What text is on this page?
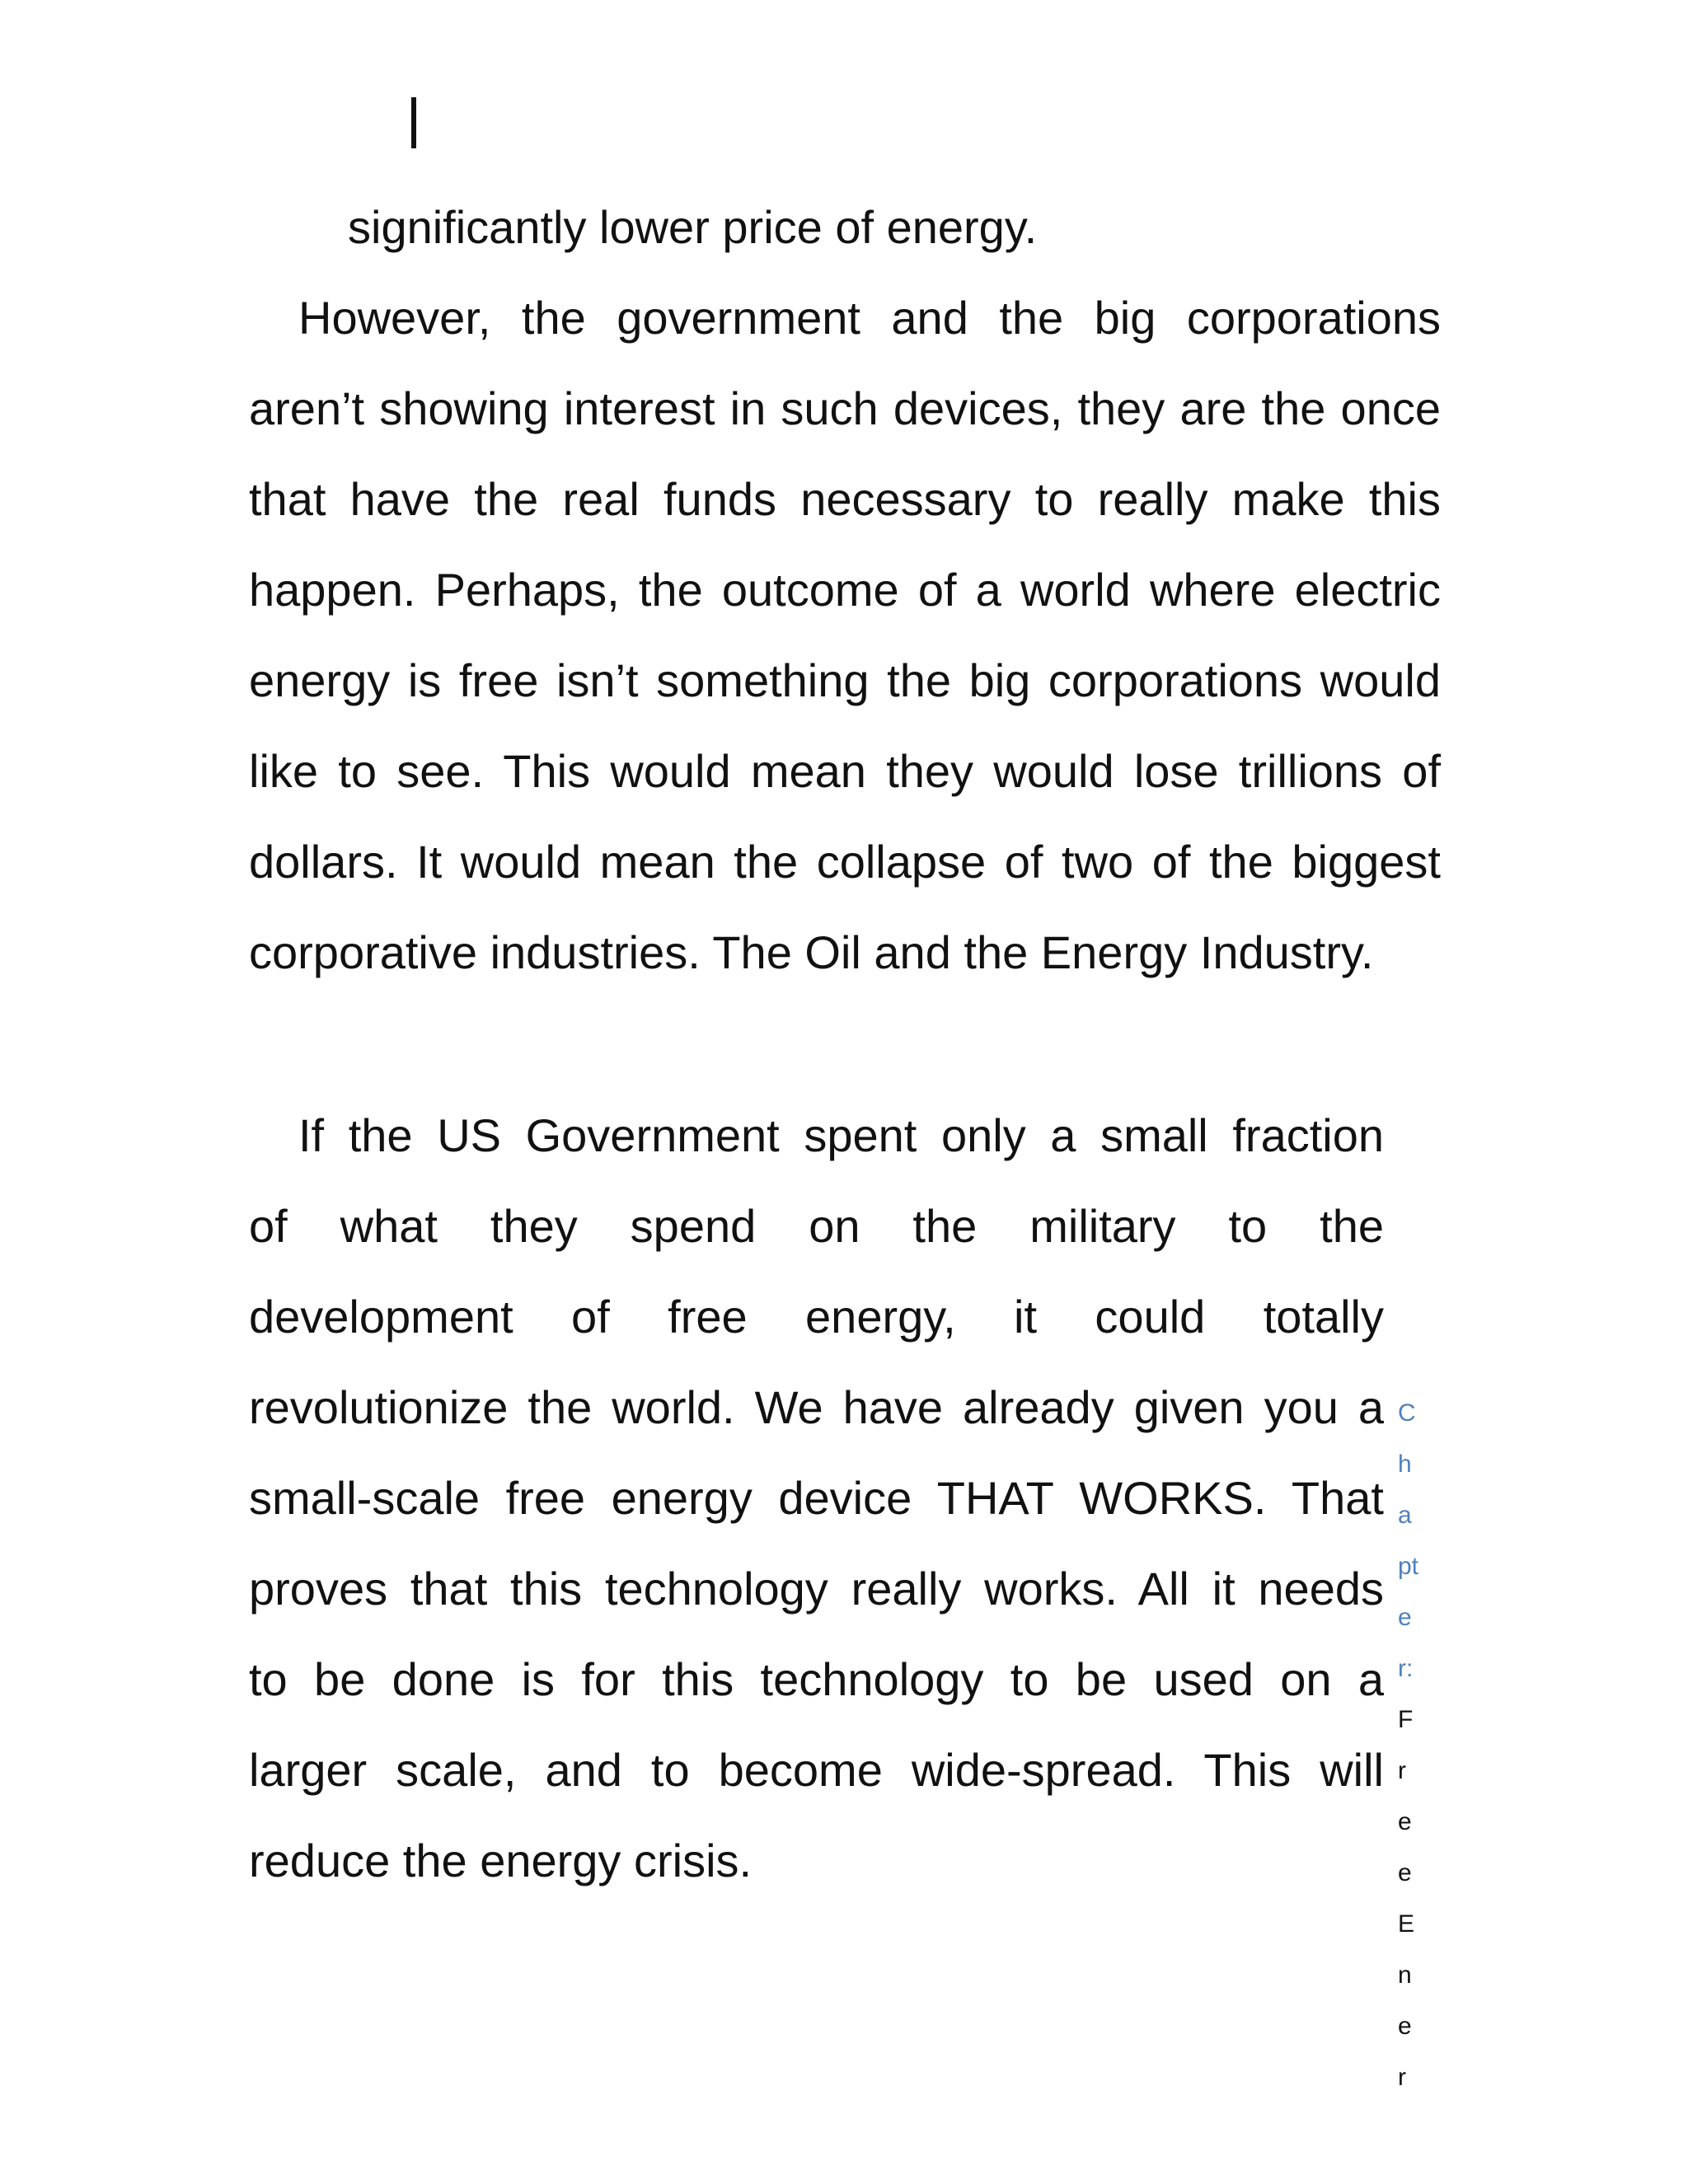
significantly lower price of energy.

However, the government and the big corporations

aren’t showing interest in such devices, they are the once

that have the real funds necessary to really make this

happen. Perhaps, the outcome of a world where electric

energy is free isn’t something the big corporations would

like to see. This would mean they would lose trillions of

dollars. It would mean the collapse of two of the biggest

corporative industries. The Oil and the Energy Industry.

If the US Government spent only a small fraction

of what they spend on the military to the

development of free energy, it could totally

revolutionize the world. We have already given you a

small-scale free energy device THAT WORKS. That

proves that this technology really works. All it needs

to be done is for this technology to be used on a

larger scale, and to become wide-spread. This will

reduce the energy crisis.

C
h
a
pt
e
r:
F
r
e
e
E
n
e
r
